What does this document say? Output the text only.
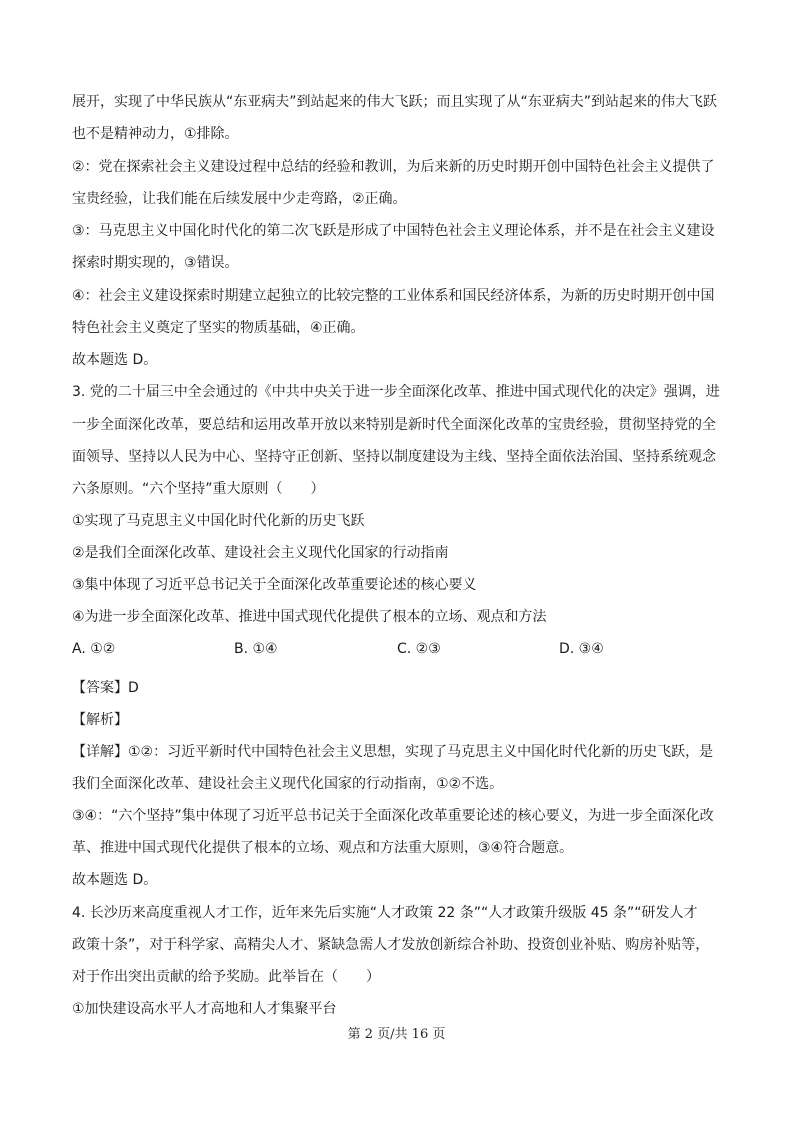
展开，实现了中华民族从“东亚病夫”到站起来的伟大飞跃；而且实现了从“东亚病夫”到站起来的伟大飞跃
也不是精神动力，①排除。
②：党在探索社会主义建设过程中总结的经验和教训，为后来新的历史时期开创中国特色社会主义提供了
宝贵经验，让我们能在后续发展中少走弯路，②正确。
③：马克思主义中国化时代化的第二次飞跃是形成了中国特色社会主义理论体系，并不是在社会主义建设
探索时期实现的，③错误。
④：社会主义建设探索时期建立起独立的比较完整的工业体系和国民经济体系，为新的历史时期开创中国
特色社会主义奠定了坚实的物质基础，④正确。
故本题选 D。
3. 党的二十届三中全会通过的《中共中央关于进一步全面深化改革、推进中国式现代化的决定》强调，进
一步全面深化改革，要总结和运用改革开放以来特别是新时代全面深化改革的宝贵经验，贯彻坚持党的全
面领导、坚持以人民为中心、坚持守正创新、坚持以制度建设为主线、坚持全面依法治国、坚持系统观念
六条原则。“六个坚持”重大原则（　　）
①实现了马克思主义中国化时代化新的历史飞跃
②是我们全面深化改革、建设社会主义现代化国家的行动指南
③集中体现了习近平总书记关于全面深化改革重要论述的核心要义
④为进一步全面深化改革、推进中国式现代化提供了根本的立场、观点和方法
A. ①②	B. ①④	C. ②③	D. ③④
【答案】D
【解析】
【详解】①②：习近平新时代中国特色社会主义思想，实现了马克思主义中国化时代化新的历史飞跃，是
我们全面深化改革、建设社会主义现代化国家的行动指南，①②不选。
③④：“六个坚持”集中体现了习近平总书记关于全面深化改革重要论述的核心要义，为进一步全面深化改
革、推进中国式现代化提供了根本的立场、观点和方法重大原则，③④符合题意。
故本题选 D。
4. 长沙历来高度重视人才工作，近年来先后实施“人才政策 22 条”“人才政策升级版 45 条”“研发人才
政策十条”，对于科学家、高精尖人才、紧缺急需人才发放创新综合补助、投资创业补贴、购房补贴等，
对于作出突出贡献的给予奖励。此举旨在（　　）
①加快建设高水平人才高地和人才集聚平台
第 2 页/共 16 页
